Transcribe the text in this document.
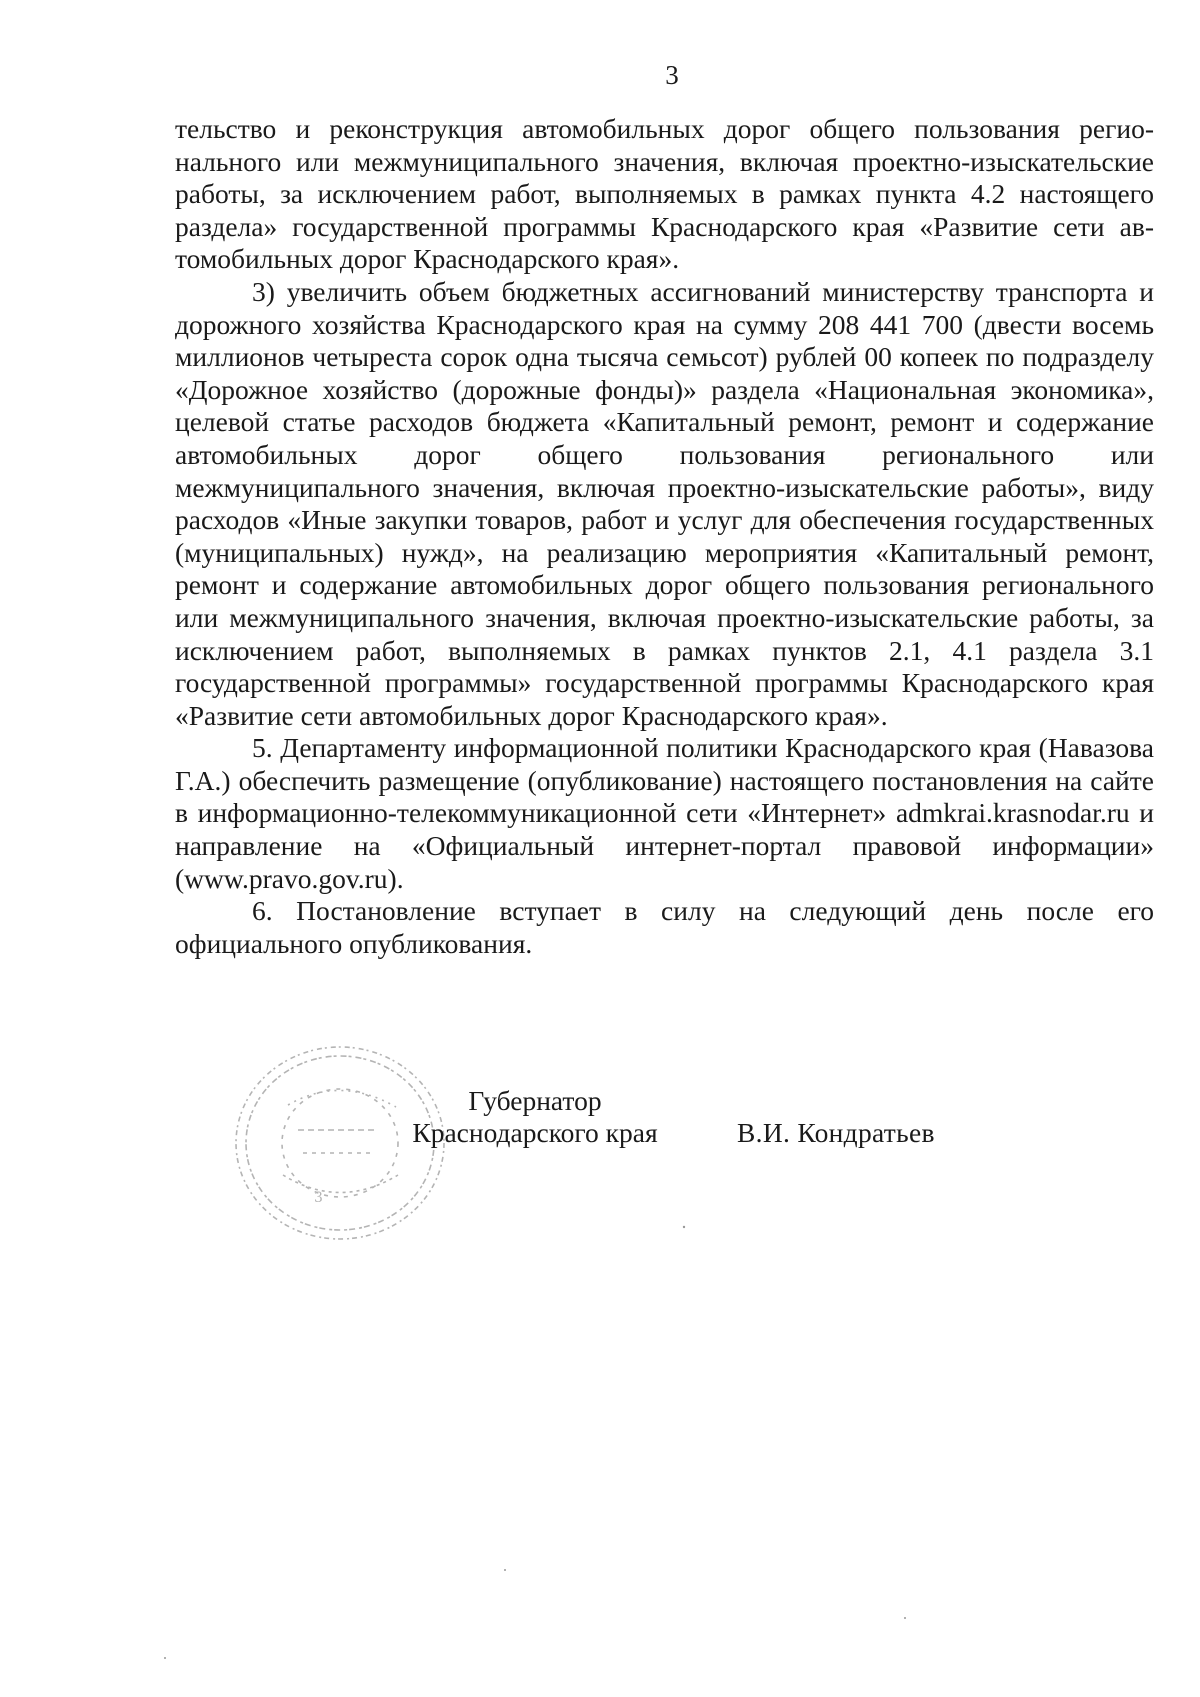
3

тельство и реконструкция автомобильных дорог общего пользования регионального или межмуниципального значения, включая проектно-изыскательские работы, за исключением работ, выполняемых в рамках пункта 4.2 настоящего раздела» государственной программы Краснодарского края «Развитие сети автомобильных дорог Краснодарского края».

3) увеличить объем бюджетных ассигнований министерству транспорта и дорожного хозяйства Краснодарского края на сумму 208 441 700 (двести восемь миллионов четыреста сорок одна тысяча семьсот) рублей 00 копеек по подразделу «Дорожное хозяйство (дорожные фонды)» раздела «Национальная экономика», целевой статье расходов бюджета «Капитальный ремонт, ремонт и содержание автомобильных дорог общего пользования регионального или межмуниципального значения, включая проектно-изыскательские работы», виду расходов «Иные закупки товаров, работ и услуг для обеспечения государственных (муниципальных) нужд», на реализацию мероприятия «Капитальный ремонт, ремонт и содержание автомобильных дорог общего пользования регионального или межмуниципального значения, включая проектно-изыскательские работы, за исключением работ, выполняемых в рамках пунктов 2.1, 4.1 раздела 3.1 государственной программы» государственной программы Краснодарского края «Развитие сети автомобильных дорог Краснодарского края».

5. Департаменту информационной политики Краснодарского края (Навазова Г.А.) обеспечить размещение (опубликование) настоящего постановления на сайте в информационно-телекоммуникационной сети «Интернет» admkrai.krasnodar.ru и направление на «Официальный интернет-портал правовой информации» (www.pravo.gov.ru).

6. Постановление вступает в силу на следующий день после его официального опубликования.

3
Губернатор
Краснодарского края	В.И. Кондратьев
